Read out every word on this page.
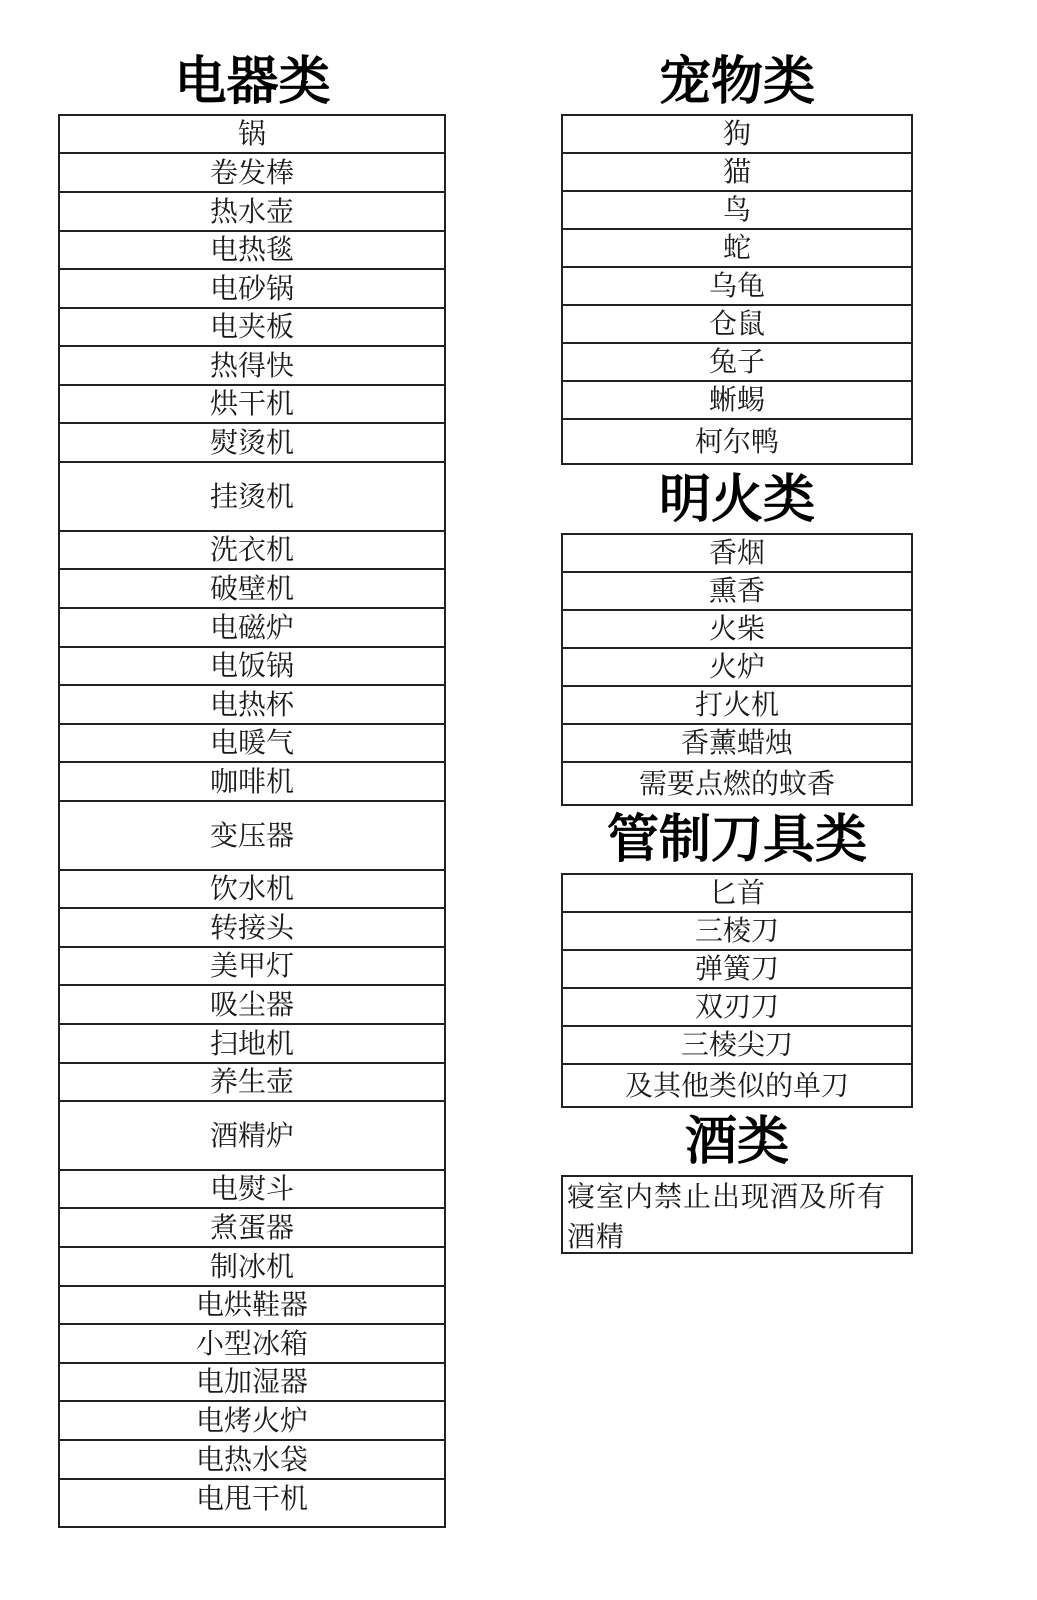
电器类
锅
卷发棒
热水壶
电热毯
电砂锅
电夹板
热得快
烘干机
熨烫机
挂烫机
洗衣机
破壁机
电磁炉
电饭锅
电热杯
电暖气
咖啡机
变压器
饮水机
转接头
美甲灯
吸尘器
扫地机
养生壶
酒精炉
电熨斗
煮蛋器
制冰机
电烘鞋器
小型冰箱
电加湿器
电烤火炉
电热水袋
电甩干机
宠物类
狗
猫
鸟
蛇
乌龟
仓鼠
兔子
蜥蜴
柯尔鸭
明火类
香烟
熏香
火柴
火炉
打火机
香薰蜡烛
需要点燃的蚊香
管制刀具类
匕首
三棱刀
弹簧刀
双刃刀
三棱尖刀
及其他类似的单刀
酒类
寝室内禁止出现酒及所有酒精
